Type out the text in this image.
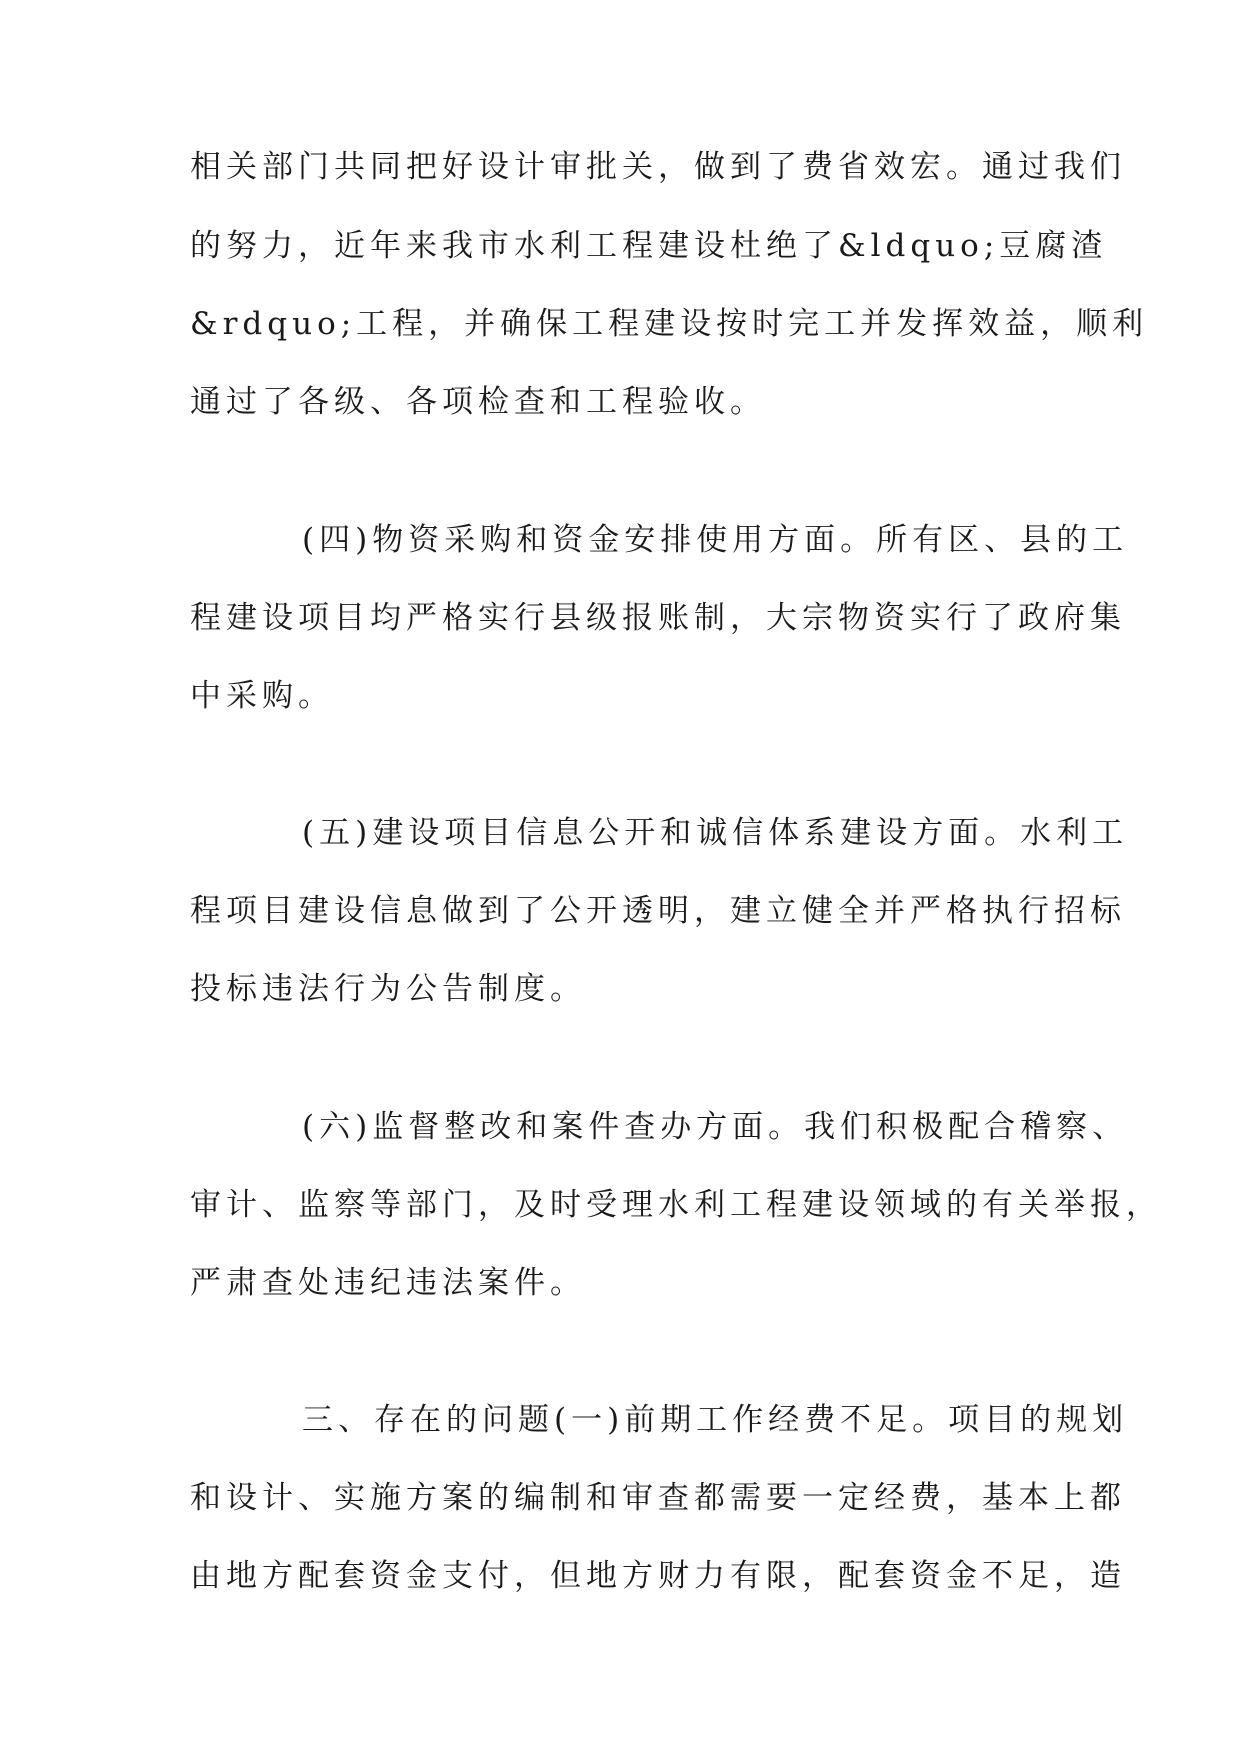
相关部门共同把好设计审批关，做到了费省效宏。通过我们
的努力，近年来我市水利工程建设杜绝了&ldquo;豆腐渣
&rdquo;工程，并确保工程建设按时完工并发挥效益，顺利
通过了各级、各项检查和工程验收。
(四)物资采购和资金安排使用方面。所有区、县的工
程建设项目均严格实行县级报账制，大宗物资实行了政府集
中采购。
(五)建设项目信息公开和诚信体系建设方面。水利工
程项目建设信息做到了公开透明，建立健全并严格执行招标
投标违法行为公告制度。
(六)监督整改和案件查办方面。我们积极配合稽察、
审计、监察等部门，及时受理水利工程建设领域的有关举报，
严肃查处违纪违法案件。
三、存在的问题(一)前期工作经费不足。项目的规划
和设计、实施方案的编制和审查都需要一定经费，基本上都
由地方配套资金支付，但地方财力有限，配套资金不足，造
